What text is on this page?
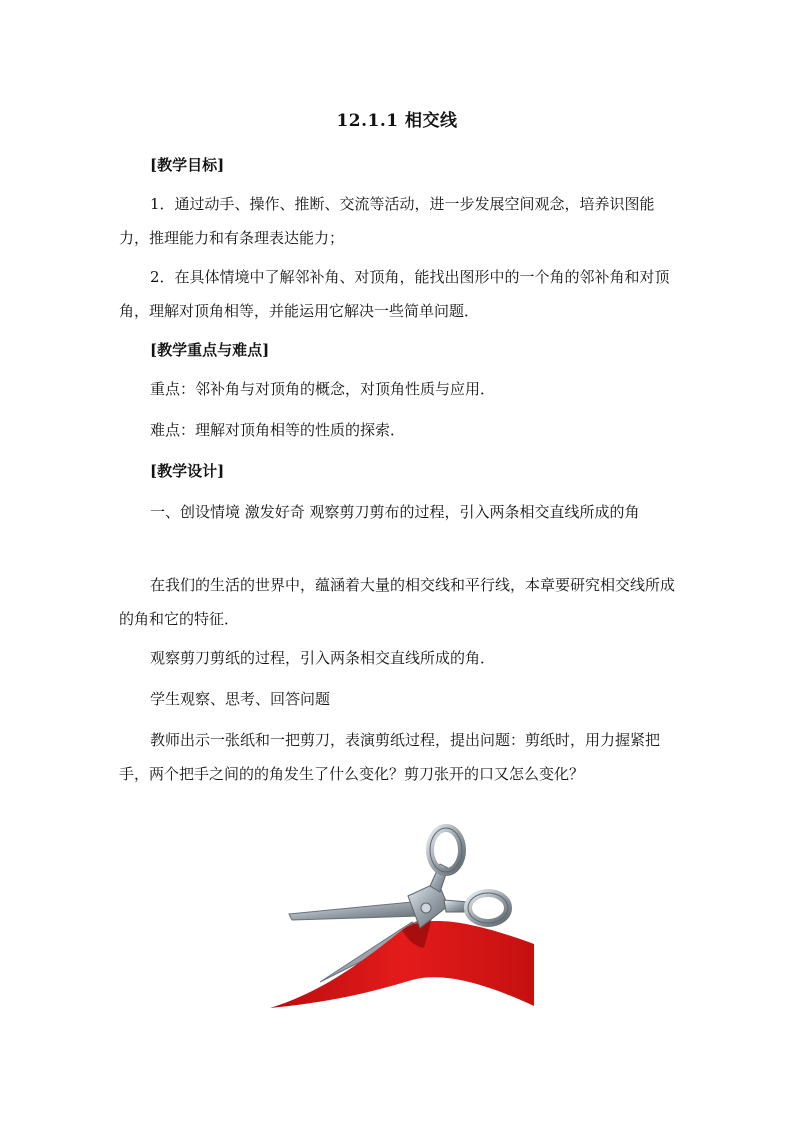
12.1.1 相交线

[教学目标]

1．通过动手、操作、推断、交流等活动，进一步发展空间观念，培养识图能力，推理能力和有条理表达能力；

2．在具体情境中了解邻补角、对顶角，能找出图形中的一个角的邻补角和对顶角，理解对顶角相等，并能运用它解决一些简单问题．

[教学重点与难点]

重点：邻补角与对顶角的概念，对顶角性质与应用．

难点：理解对顶角相等的性质的探索．

[教学设计]

一、创设情境 激发好奇 观察剪刀剪布的过程，引入两条相交直线所成的角

在我们的生活的世界中，蕴涵着大量的相交线和平行线，本章要研究相交线所成的角和它的特征．

观察剪刀剪纸的过程，引入两条相交直线所成的角．

学生观察、思考、回答问题

教师出示一张纸和一把剪刀，表演剪纸过程，提出问题：剪纸时，用力握紧把手，两个把手之间的的角发生了什么变化？剪刀张开的口又怎么变化？
